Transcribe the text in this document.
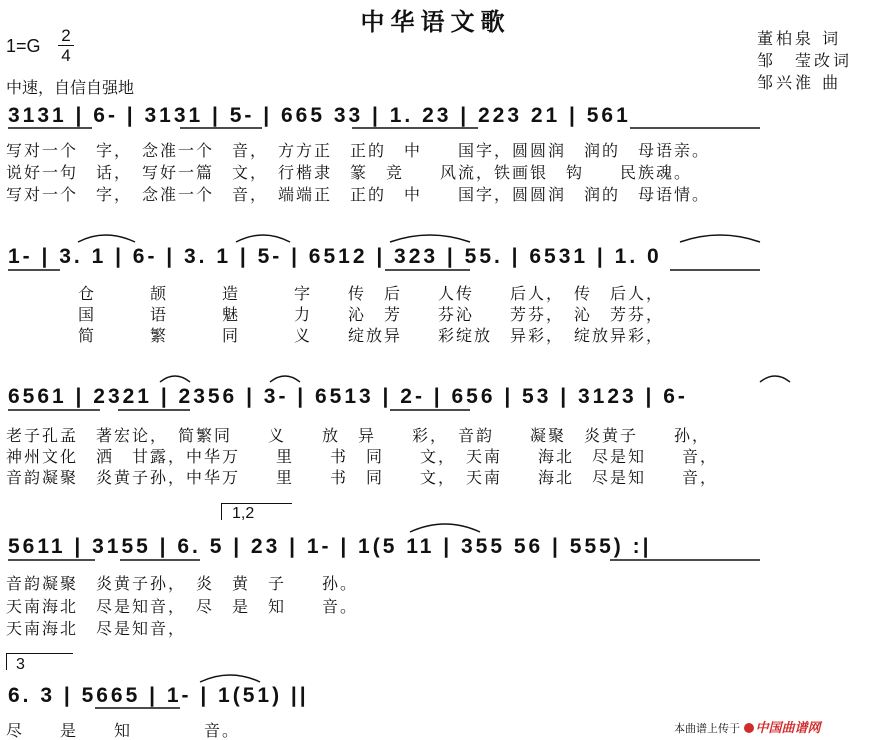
中华语文歌
$1=G \frac{2}{4}$
中速，自信自强地
董柏泉 词
邹　莹改词
邹兴淮 曲
3131 | 6- | 3131 | 5- | 665 33 | 1. 23 | 223 21 | 561
写对一个　字，　念准一个　音，　方方正　正的　中　　国字，圆圆润　润的　母语亲。
说好一句　话，　写好一篇　文，　行楷隶　篆　竞　　风流，铁画银　钩　　民族魂。
写对一个　字，　念准一个　音，　端端正　正的　中　　国字，圆圆润　润的　母语情。
1- | 3. 1 | 6- | 3. 1 | 5- | 6512 | 323 | 55. | 6531 | 1. 0
仓　　　颉　　　造　　　字　　传　后　　人传　　后人，　传　后人，
国　　　语　　　魅　　　力　　沁　芳　　芬沁　　芳芬，　沁　芳芬，
简　　　繁　　　同　　　义　　绽放异　　彩绽放　异彩，　绽放异彩，
6561 | 2321 | 2356 | 3- | 6513 | 2- | 656 | 53 | 3123 | 6-
老子孔孟　著宏论，　简繁同　　义　　放　异　　彩，　音韵　　凝聚　炎黄子　　孙，
神州文化　洒　甘露，中华万　　里　　书　同　　文，　天南　　海北　尽是知　　音，
音韵凝聚　炎黄子孙，中华万　　里　　书　同　　文，　天南　　海北　尽是知　　音，
1,2
5611 | 3155 | 6. 5 | 23 | 1- | 1(5 11 | 355 56 | 555) :|
音韵凝聚　炎黄子孙，　炎　黄　子　　孙。
天南海北　尽是知音，　尽　是　知　　音。
天南海北　尽是知音，
3
6. 3 | 5665 | 1- | 1(51) ||
尽　　是　　知　　　　音。	本曲谱上传于 中国曲谱网
